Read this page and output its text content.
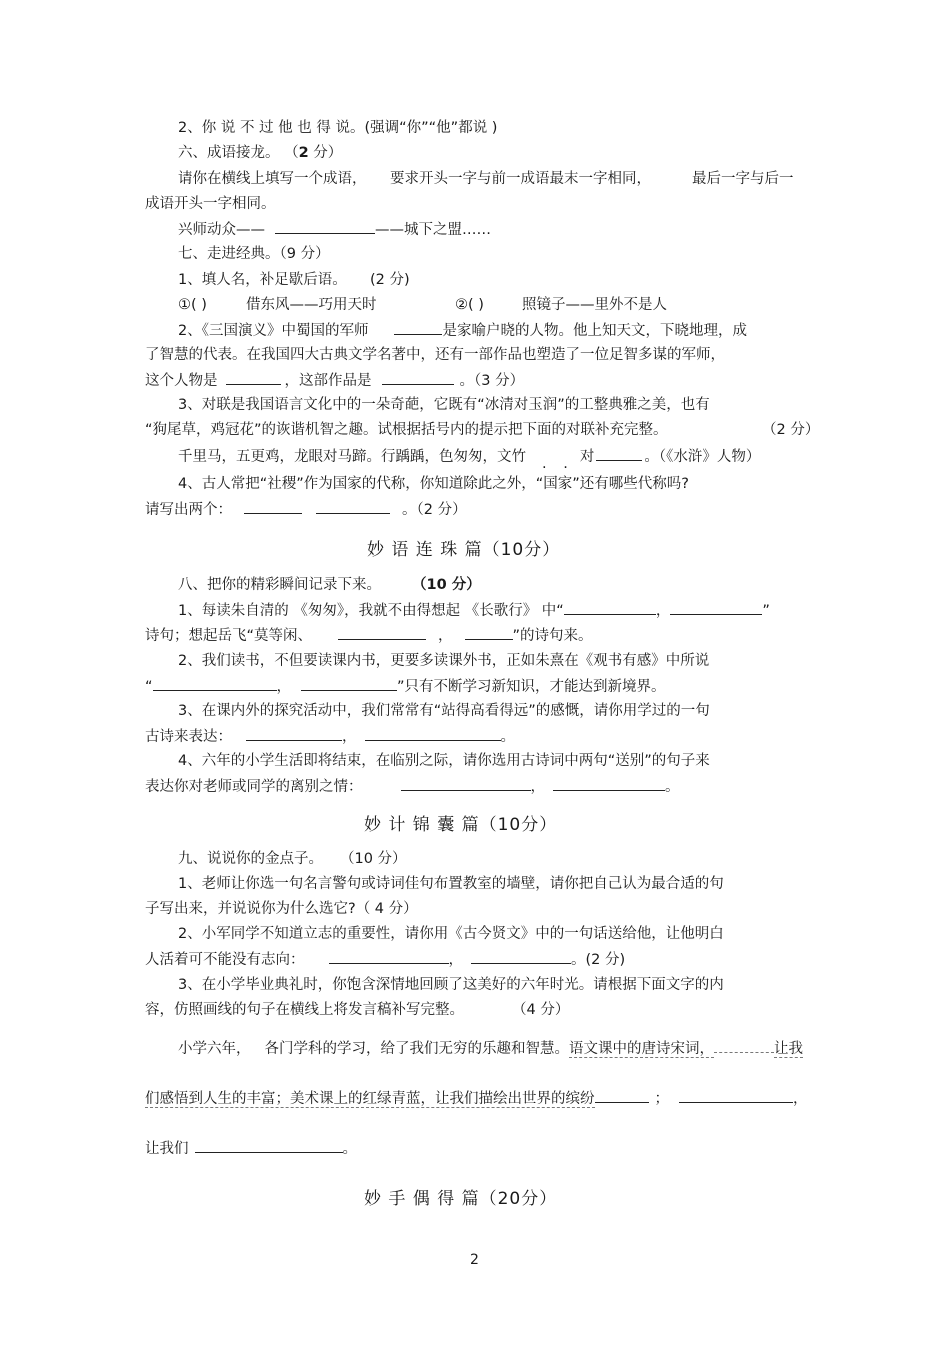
2、你 说 不 过 他 也 得 说。(强调“你”“他”都说 )
六、成语接龙。 （2 分）
请你在横线上填写一个成语， 要求开头一字与前一成语最末一字相同，	最后一字与后一
成语开头一字相同。
兴师动众——	——城下之盟……
七、走进经典。（9 分）
1、填人名，补足歇后语。 (2 分)
①( )	借东风——巧用天时	②( )	照镜子——里外不是人
2、《三国演义》中蜀国的军师	是家喻户晓的人物。他上知天文，下晓地理，成
了智慧的代表。在我国四大古典文学名著中，还有一部作品也塑造了一位足智多谋的军师，
这个人物是	，这部作品是	。（3 分）
3、对联是我国语言文化中的一朵奇葩，它既有“冰清对玉润”的工整典雅之美，也有
“狗尾草，鸡冠花”的诙谐机智之趣。试根据括号内的提示把下面的对联补充完整。	（2 分）
千里马，五更鸡，龙眼对马蹄。行踽踽，色匆匆，文竹 . . 对	。（《水浒》人物）
4、古人常把“社稷”作为国家的代称，你知道除此之外，“国家”还有哪些代称吗?
请写出两个：	。（2 分）
妙 语 连 珠 篇（10分）
八、把你的精彩瞬间记录下来。 （10 分）
1、每读朱自清的 《匆匆》，我就不由得想起 《长歌行》 中“	，	”
诗句；想起岳飞“莫等闲、	，	”的诗句来。
2、我们读书，不但要读课内书，更要多读课外书，正如朱熹在《观书有感》中所说
“	，	”只有不断学习新知识，才能达到新境界。
3、在课内外的探究活动中，我们常常有“站得高看得远”的感慨，请你用学过的一句
古诗来表达：	，	。
4、六年的小学生活即将结束，在临别之际，请你选用古诗词中两句“送别”的句子来
表达你对老师或同学的离别之情：	，	。
妙 计 锦 囊 篇（10分）
九、说说你的金点子。 （10 分）
1、老师让你选一句名言警句或诗词佳句布置教室的墙壁，请你把自己认为最合适的句
子写出来，并说说你为什么选它?（ 4 分）
2、小军同学不知道立志的重要性，请你用《古今贤文》中的一句话送给他，让他明白
人活着可不能没有志向：	，	。(2 分)
3、在小学毕业典礼时，你饱含深情地回顾了这美好的六年时光。请根据下面文字的内
容，仿照画线的句子在横线上将发言稿补写完整。	（4 分）
小学六年， 各门学科的学习，给了我们无穷的乐趣和智慧。语文课中的唐诗宋词，	让我
们感悟到人生的丰富；美术课上的红绿青蓝，让我们描绘出世界的缤纷	；	，
让我们	。
妙 手 偶 得 篇（20分）
2
